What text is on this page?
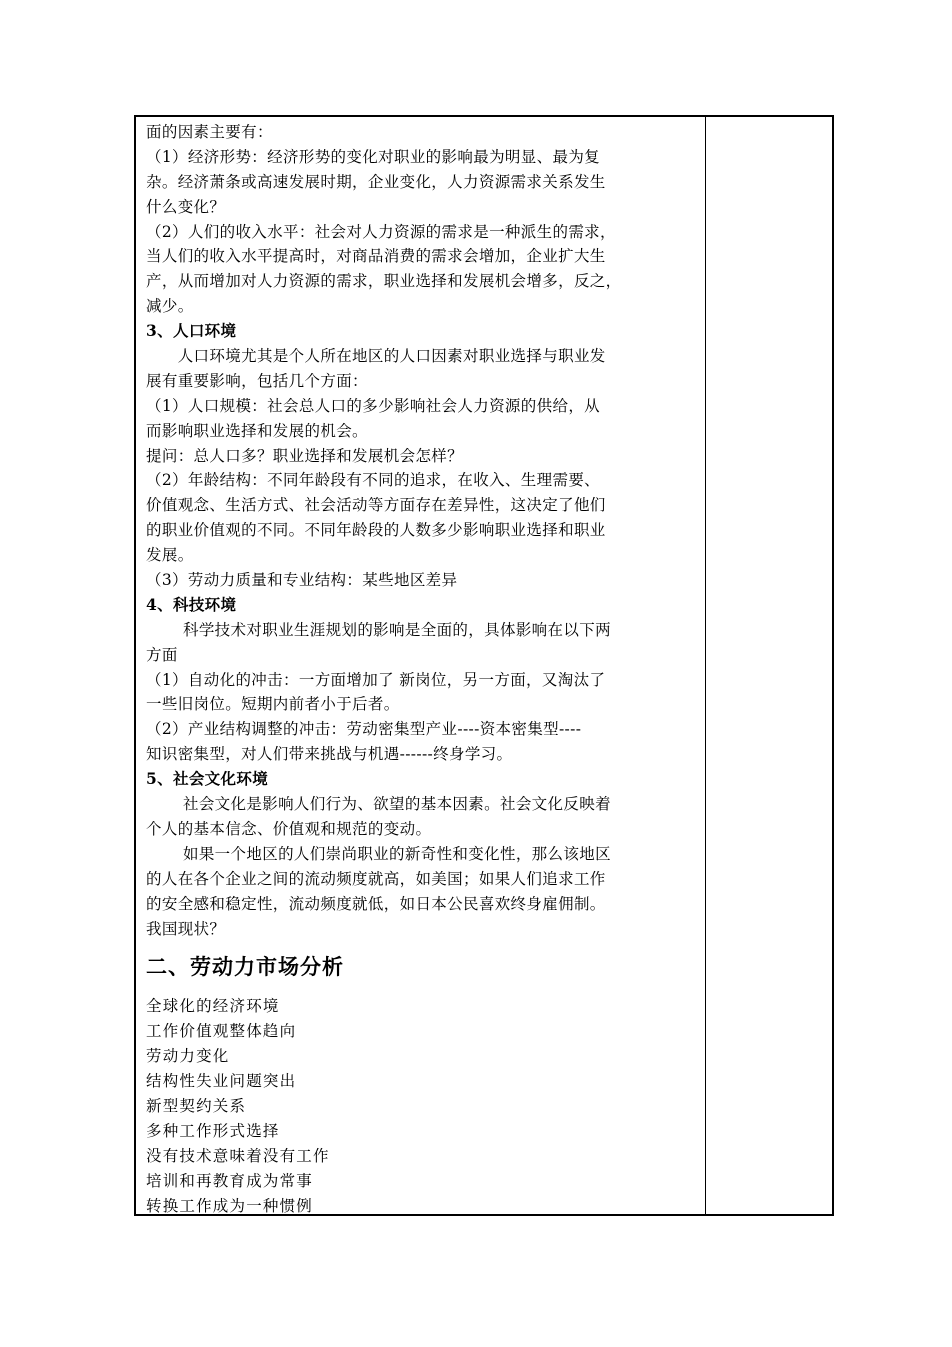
面的因素主要有：
（1）经济形势：经济形势的变化对职业的影响最为明显、最为复
杂。经济萧条或高速发展时期，企业变化，人力资源需求关系发生
什么变化？
（2）人们的收入水平：社会对人力资源的需求是一种派生的需求，
当人们的收入水平提高时，对商品消费的需求会增加，企业扩大生
产，从而增加对人力资源的需求，职业选择和发展机会增多，反之，
减少。
3、人口环境
　　人口环境尤其是个人所在地区的人口因素对职业选择与职业发
展有重要影响，包括几个方面：
（1）人口规模：社会总人口的多少影响社会人力资源的供给，从
而影响职业选择和发展的机会。
提问：总人口多？职业选择和发展机会怎样？
（2）年龄结构：不同年龄段有不同的追求，在收入、生理需要、
价值观念、生活方式、社会活动等方面存在差异性，这决定了他们
的职业价值观的不同。不同年龄段的人数多少影响职业选择和职业
发展。
（3）劳动力质量和专业结构：某些地区差异
4、科技环境
　　 科学技术对职业生涯规划的影响是全面的，具体影响在以下两
方面
（1）自动化的冲击：一方面增加了 新岗位，另一方面，又淘汰了
一些旧岗位。短期内前者小于后者。
（2）产业结构调整的冲击：劳动密集型产业----资本密集型----
知识密集型，对人们带来挑战与机遇------终身学习。
5、社会文化环境
　　 社会文化是影响人们行为、欲望的基本因素。社会文化反映着
个人的基本信念、价值观和规范的变动。
　　 如果一个地区的人们崇尚职业的新奇性和变化性，那么该地区
的人在各个企业之间的流动频度就高，如美国；如果人们追求工作
的安全感和稳定性，流动频度就低，如日本公民喜欢终身雇佣制。
我国现状？
二、劳动力市场分析
全球化的经济环境
工作价值观整体趋向
劳动力变化
结构性失业问题突出
新型契约关系
多种工作形式选择
没有技术意味着没有工作
培训和再教育成为常事
转换工作成为一种惯例
